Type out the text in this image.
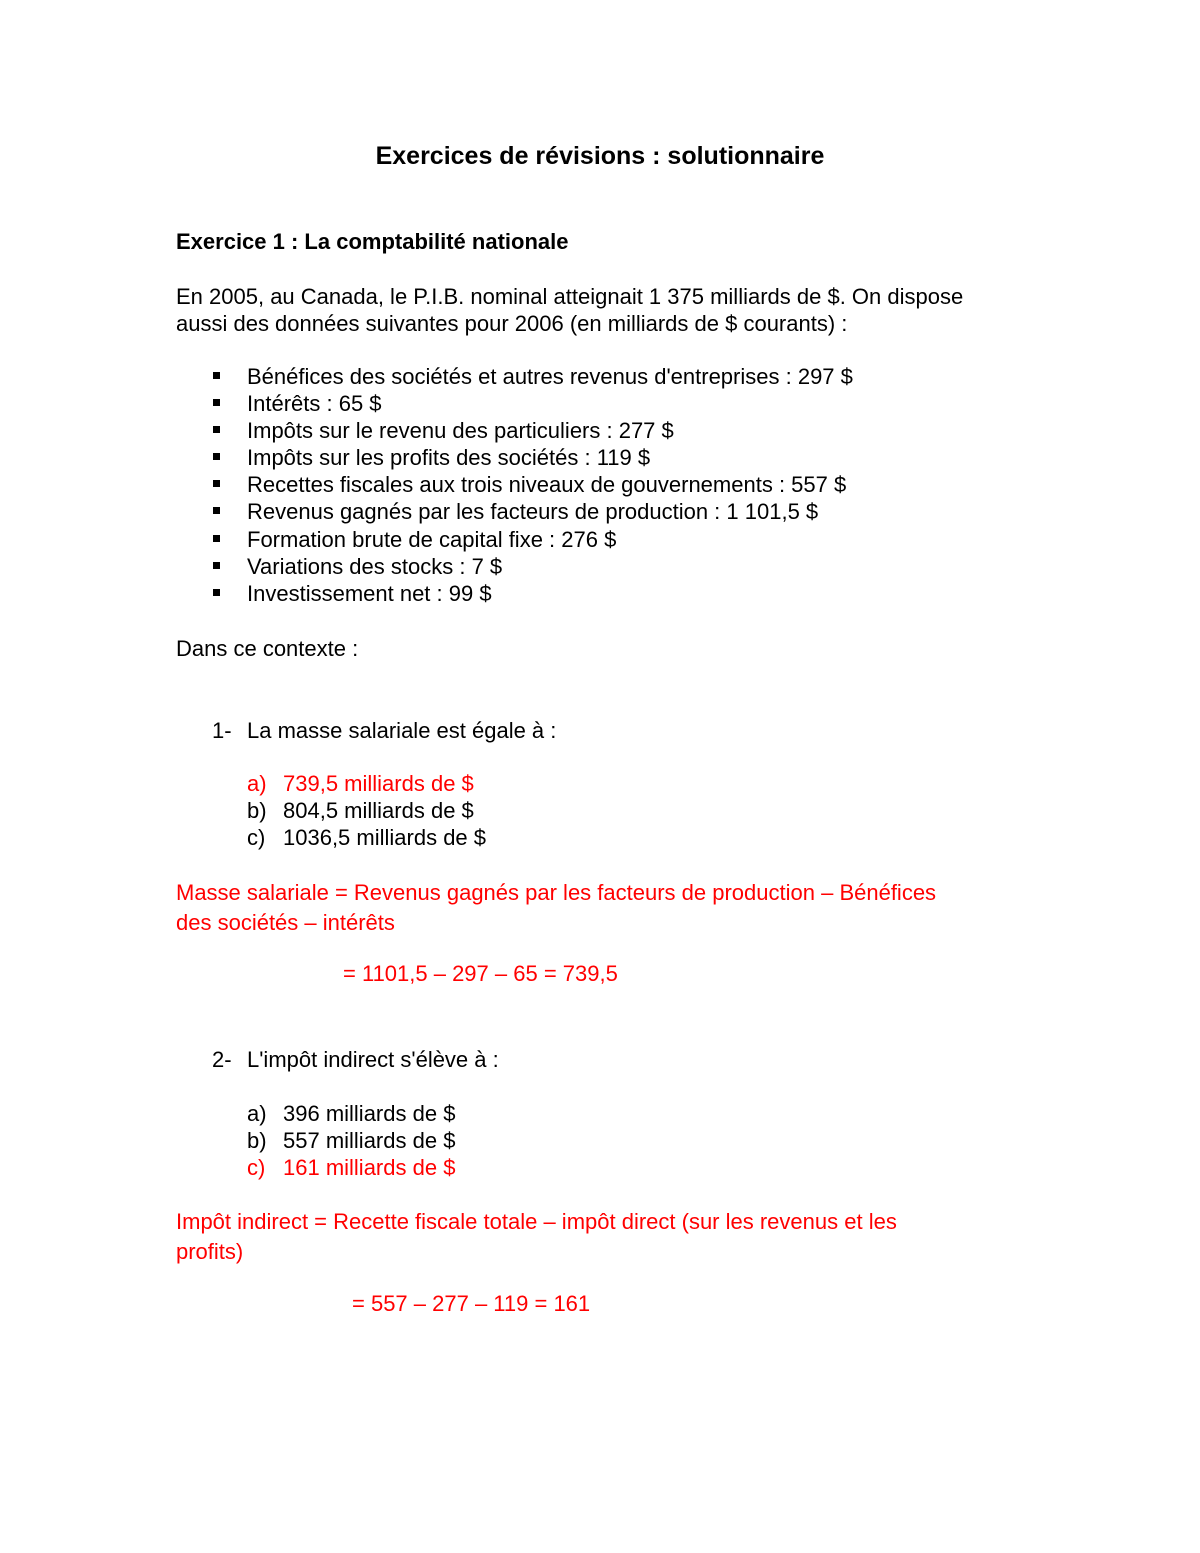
Exercices de révisions : solutionnaire
Exercice 1 : La comptabilité nationale
En 2005, au Canada, le P.I.B. nominal atteignait 1 375 milliards de $. On dispose
aussi des données suivantes pour 2006 (en milliards de $ courants) :
Bénéfices des sociétés et autres revenus d'entreprises : 297 $
Intérêts : 65 $
Impôts sur le revenu des particuliers : 277 $
Impôts sur les profits des sociétés : 119 $
Recettes fiscales aux trois niveaux de gouvernements : 557 $
Revenus gagnés par les facteurs de production : 1 101,5 $
Formation brute de capital fixe : 276 $
Variations des stocks : 7 $
Investissement net : 99 $
Dans ce contexte :
1- La masse salariale est égale à :
a) 739,5 milliards de $
b) 804,5 milliards de $
c) 1036,5 milliards de $
Masse salariale = Revenus gagnés par les facteurs de production – Bénéfices
des sociétés – intérêts
= 1101,5 – 297 – 65 = 739,5
2- L'impôt indirect s'élève à :
a) 396 milliards de $
b) 557 milliards de $
c) 161 milliards de $
Impôt indirect = Recette fiscale totale – impôt direct (sur les revenus et les
profits)
= 557 – 277 – 119 = 161
